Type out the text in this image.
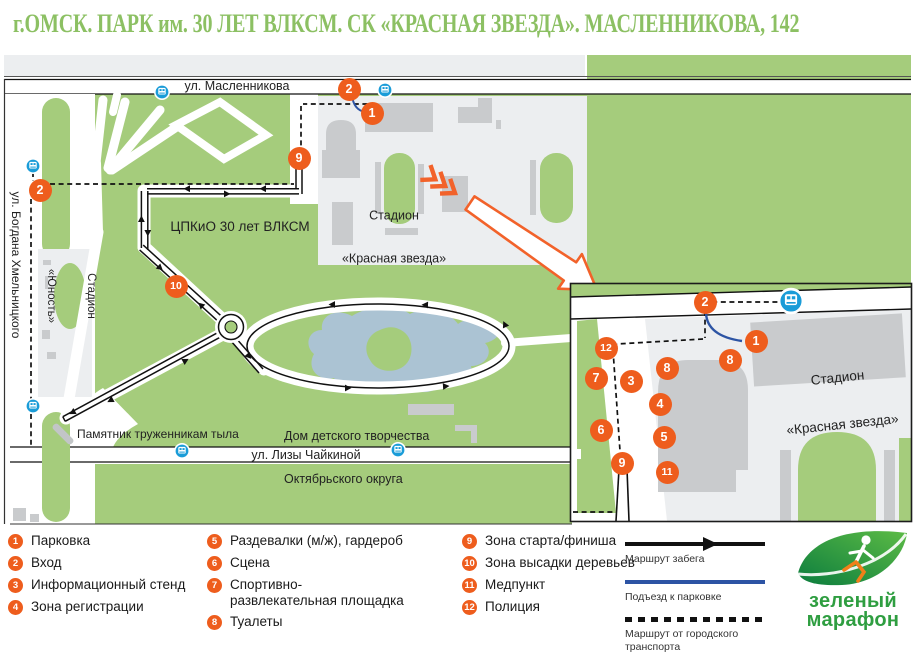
г.ОМСК. ПАРК им. 30 ЛЕТ ВЛКСМ. СК «КРАСНАЯ ЗВЕЗДА». МАСЛЕННИКОВА, 142
ул. Масленникова
ул. Лизы Чайкиной
ул. Богдана Хмельницкого	ЦПКиО 30 лет ВЛКСМ

Стадион

«Красная звезда»

Стадион

«Юность»

Дом детского творчества

Октябрьского округа

Памятник труженникам тыла

Стадион

«Красная звезда»

2
1
9
2
10
2
1
12
8
8
7	3
4
6	5
9
11
1 Парковка
2 Вход
3 Информационный стенд
4 Зона регистрации
5 Раздевалки (м/ж), гардероб
6 Сцена
7 Спортивно-
развлекательная площадка
8 Туалеты
9 Зона старта/финиша
10 Зона высадки деревьев
11 Медпункт
12 Полиция
Маршрут забега
Подъезд к парковке
Маршрут от городского транспорта
зеленый
марафон
